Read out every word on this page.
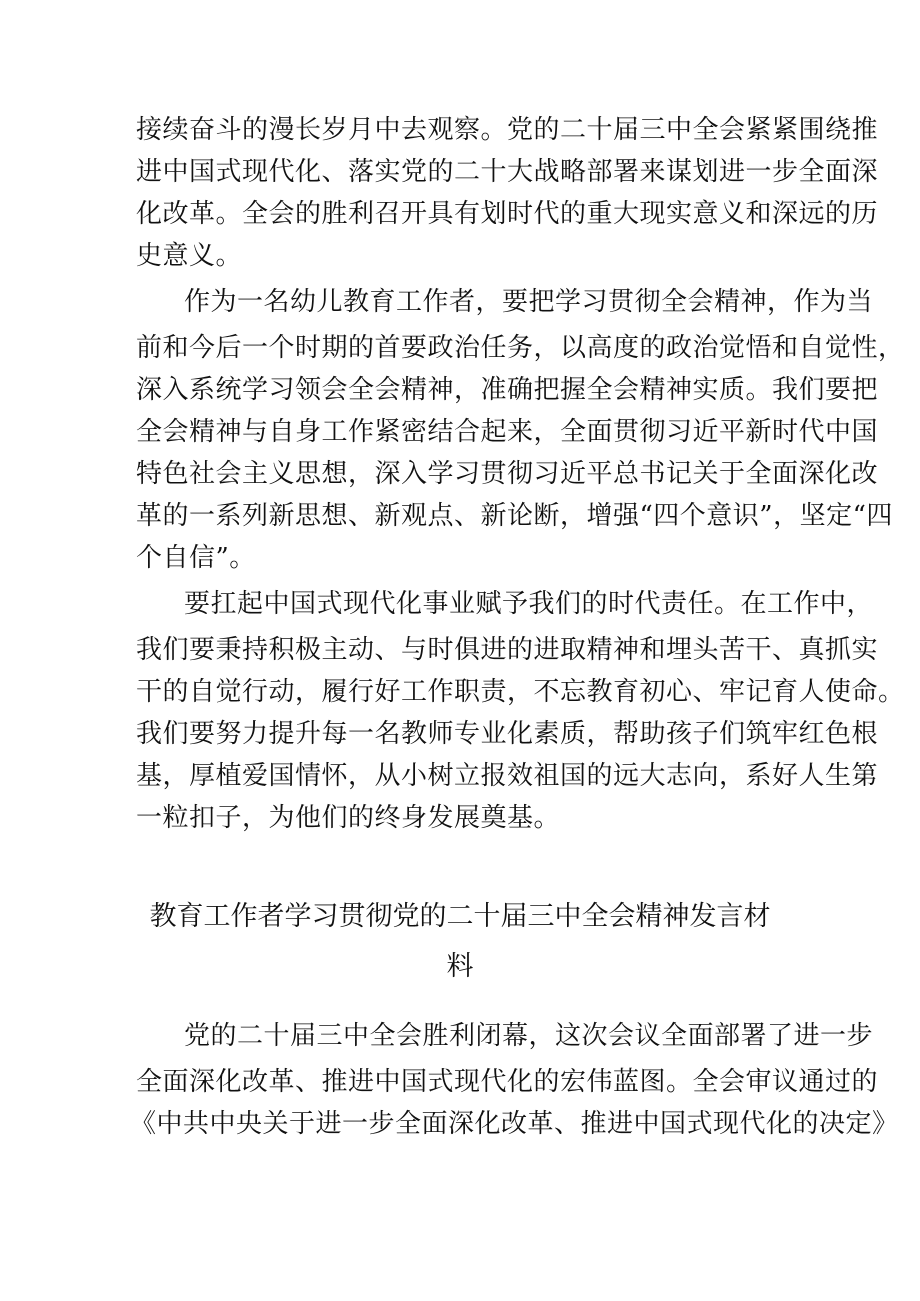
接续奋斗的漫长岁月中去观察。党的二十届三中全会紧紧围绕推
进中国式现代化、落实党的二十大战略部署来谋划进一步全面深
化改革。全会的胜利召开具有划时代的重大现实意义和深远的历
史意义。
作为一名幼儿教育工作者，要把学习贯彻全会精神，作为当
前和今后一个时期的首要政治任务，以高度的政治觉悟和自觉性，
深入系统学习领会全会精神，准确把握全会精神实质。我们要把
全会精神与自身工作紧密结合起来，全面贯彻习近平新时代中国
特色社会主义思想，深入学习贯彻习近平总书记关于全面深化改
革的一系列新思想、新观点、新论断，增强“四个意识”，坚定“四
个自信”。
要扛起中国式现代化事业赋予我们的时代责任。在工作中，
我们要秉持积极主动、与时俱进的进取精神和埋头苦干、真抓实
干的自觉行动，履行好工作职责，不忘教育初心、牢记育人使命。
我们要努力提升每一名教师专业化素质，帮助孩子们筑牢红色根
基，厚植爱国情怀，从小树立报效祖国的远大志向，系好人生第
一粒扣子，为他们的终身发展奠基。
教育工作者学习贯彻党的二十届三中全会精神发言材
料
党的二十届三中全会胜利闭幕，这次会议全面部署了进一步
全面深化改革、推进中国式现代化的宏伟蓝图。全会审议通过的
《中共中央关于进一步全面深化改革、推进中国式现代化的决定》
